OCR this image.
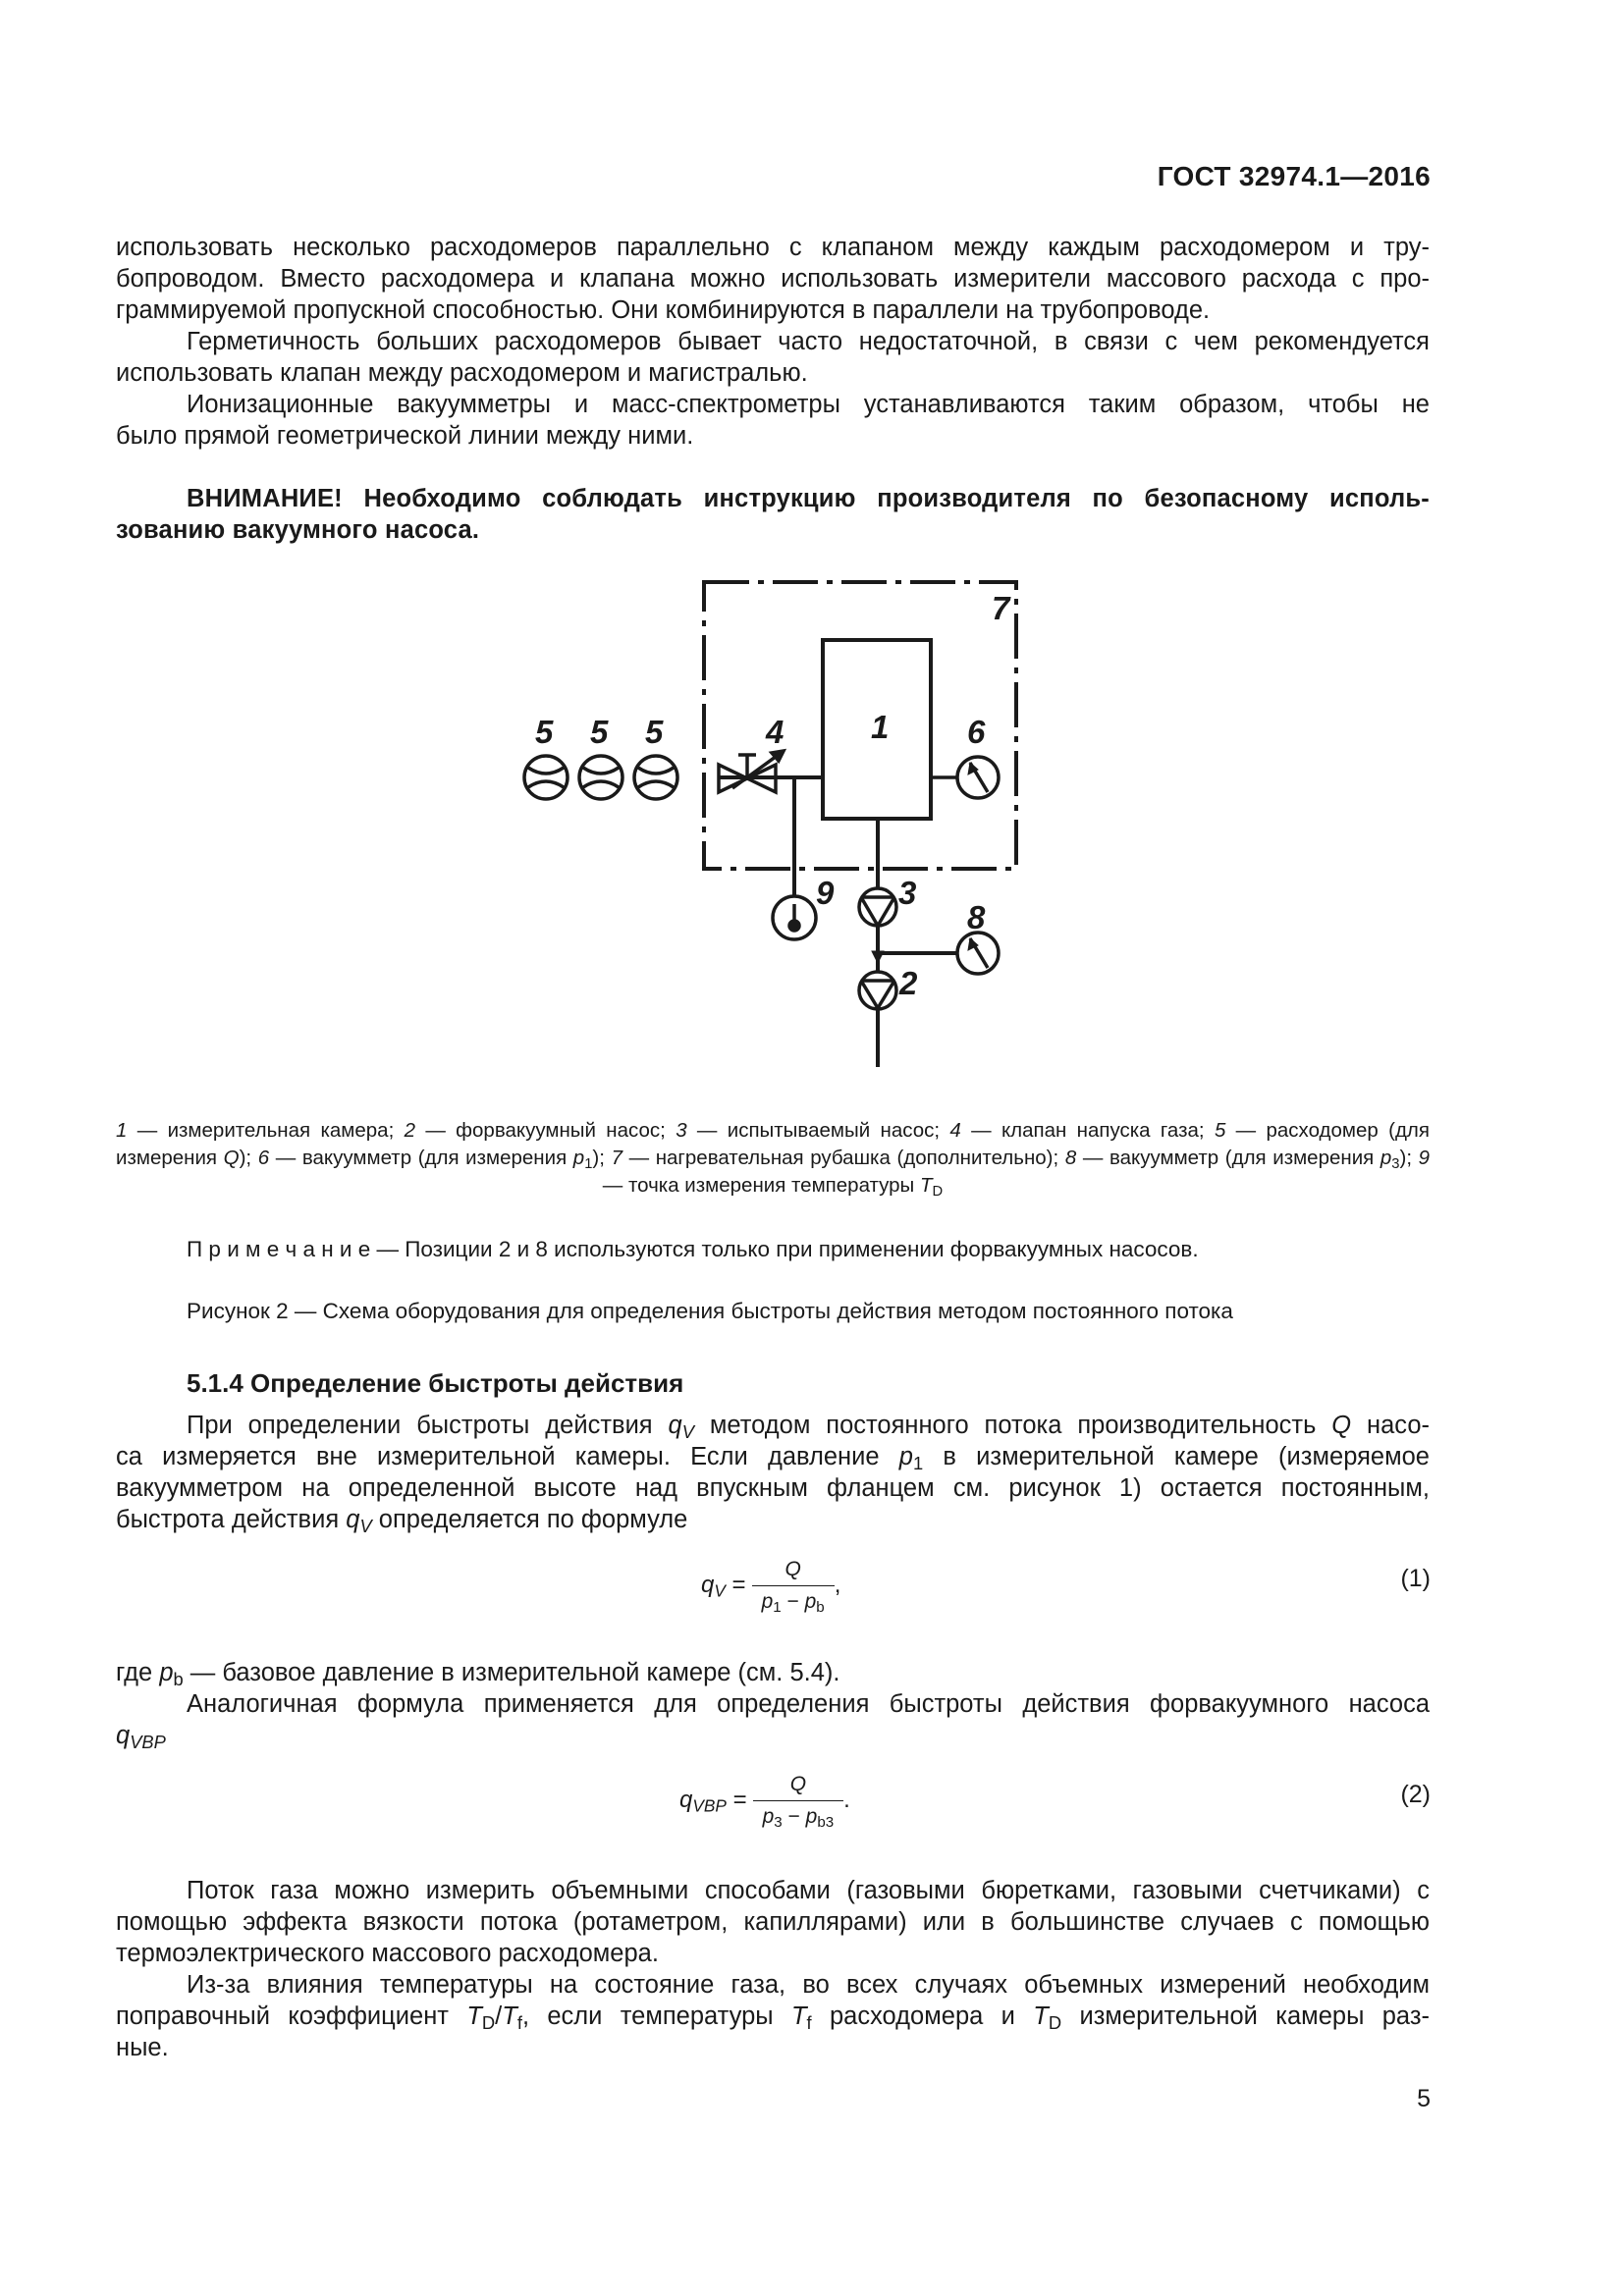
ГОСТ 32974.1—2016

использовать несколько расходомеров параллельно с клапаном между каждым расходомером и тру-

бопроводом. Вместо расходомера и клапана можно использовать измерители массового расхода с про-

граммируемой пропускной способностью. Они комбинируются в параллели на трубопроводе.

Герметичность больших расходомеров бывает часто недостаточной, в связи с чем рекомендуется

использовать клапан между расходомером и магистралью.

Ионизационные вакуумметры и масс-спектрометры устанавливаются таким образом, чтобы не

было прямой геометрической линии между ними.

ВНИМАНИЕ! Необходимо соблюдать инструкцию производителя по безопасному исполь-

зованию вакуумного насоса.

7
1
4
5 5 5	6
9 3
8
2
1 — измерительная камера; 2 — форвакуумный насос; 3 — испытываемый насос; 4 — клапан напуска газа; 5 — расходомер (для измерения Q); 6 — вакуумметр (для измерения $p_1$); 7 — нагревательная рубашка (дополнительно); 8 — вакуумметр (для измерения $p_3$); 9 — точка измерения температуры $T_D$
П р и м е ч а н и е — Позиции 2 и 8 используются только при применении форвакуумных насосов.
Рисунок 2 — Схема оборудования для определения быстроты действия методом постоянного потока
5.1.4 Определение быстроты действия

При определении быстроты действия $q_V$ методом постоянного потока производительность Q насо-

са измеряется вне измерительной камеры. Если давление $p_1$ в измерительной камере (измеряемое

вакуумметром на определенной высоте над впускным фланцем см. рисунок 1) остается постоянным,

быстрота действия $q_V$ определяется по формуле

$q_V = \frac{Q}{p_1 - p_b}$ ,	(1)

где $p_b$ — базовое давление в измерительной камере (см. 5.4).

Аналогичная формула применяется для определения быстроты действия форвакуумного насоса

$q_{VBP}$

$q_{VBP} = \frac{Q}{p_3 - p_{b3}}$ .	(2)

Поток газа можно измерить объемными способами (газовыми бюретками, газовыми счетчиками) с

помощью эффекта вязкости потока (ротаметром, капиллярами) или в большинстве случаев с помощью

термоэлектрического массового расходомера.

Из-за влияния температуры на состояние газа, во всех случаях объемных измерений необходим

поправочный коэффициент $T_D/T_f$, если температуры $T_f$ расходомера и $T_D$ измерительной камеры раз-

ные.

5
